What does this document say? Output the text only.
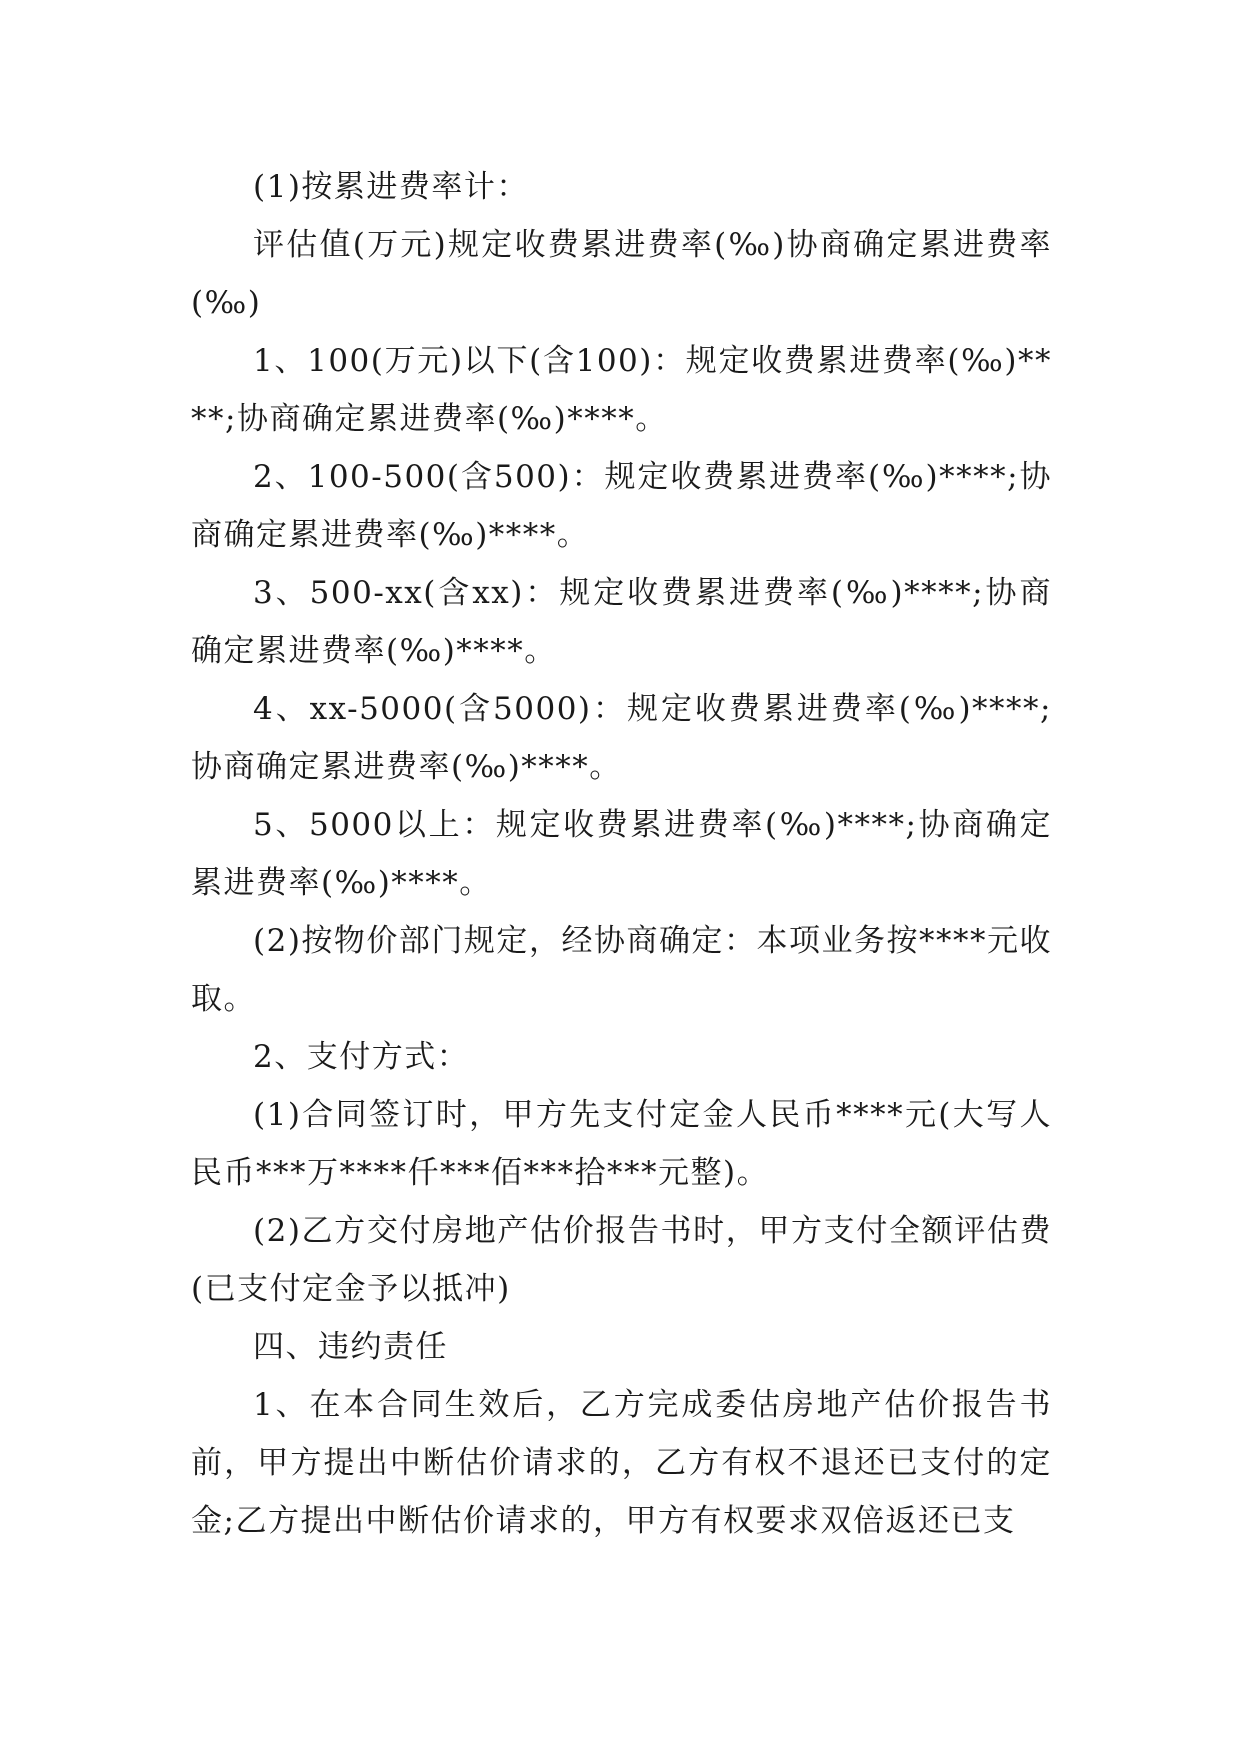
(1)按累进费率计：

评估值(万元)规定收费累进费率(‰)协商确定累进费率(‰)

1、100(万元)以下(含100)：规定收费累进费率(‰)****;协商确定累进费率(‰)****。

2、100-500(含500)：规定收费累进费率(‰)****;协商确定累进费率(‰)****。

3、500-xx(含xx)：规定收费累进费率(‰)****;协商确定累进费率(‰)****。

4、xx-5000(含5000)：规定收费累进费率(‰)****;协商确定累进费率(‰)****。

5、5000以上：规定收费累进费率(‰)****;协商确定累进费率(‰)****。

(2)按物价部门规定，经协商确定：本项业务按****元收取。

2、支付方式：

(1)合同签订时，甲方先支付定金人民币****元(大写人民币***万****仟***佰***拾***元整)。

(2)乙方交付房地产估价报告书时，甲方支付全额评估费(已支付定金予以抵冲)

四、违约责任

1、在本合同生效后，乙方完成委估房地产估价报告书前，甲方提出中断估价请求的，乙方有权不退还已支付的定金;乙方提出中断估价请求的，甲方有权要求双倍返还已支
